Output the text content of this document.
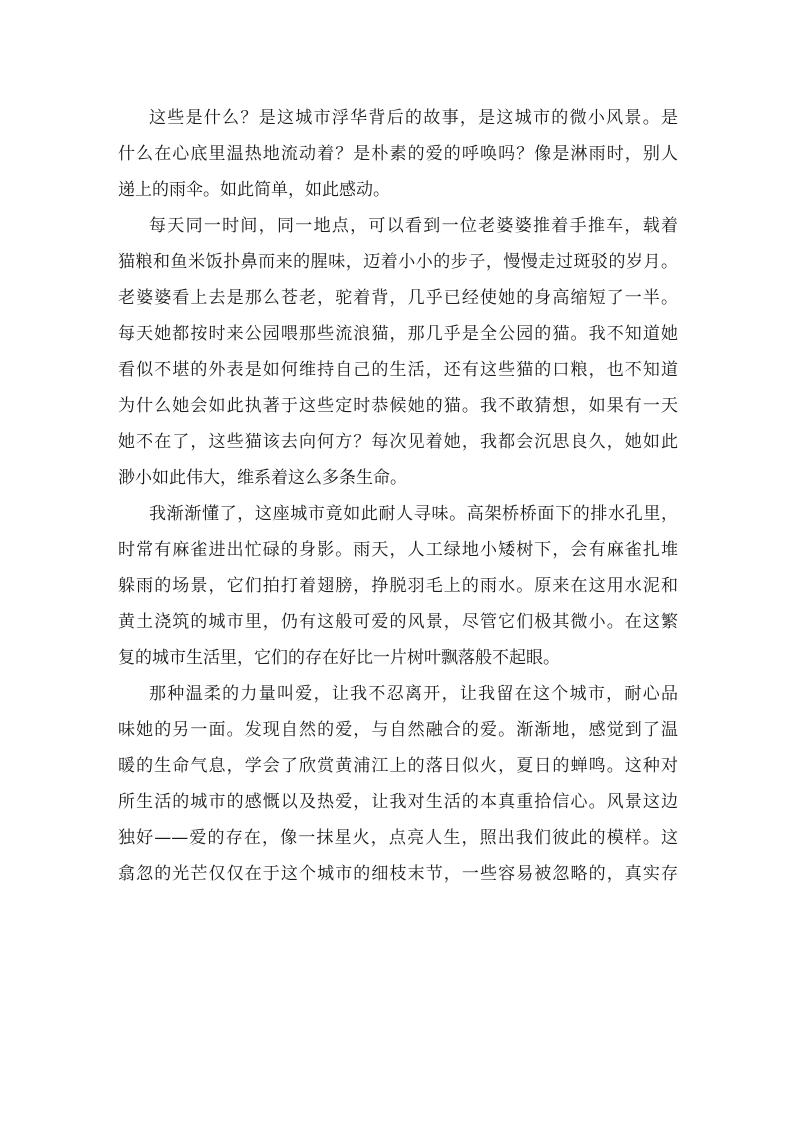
这些是什么？是这城市浮华背后的故事，是这城市的微小风景。是
什么在心底里温热地流动着？是朴素的爱的呼唤吗？像是淋雨时，别人
递上的雨伞。如此简单，如此感动。
每天同一时间，同一地点，可以看到一位老婆婆推着手推车，载着
猫粮和鱼米饭扑鼻而来的腥味，迈着小小的步子，慢慢走过斑驳的岁月。
老婆婆看上去是那么苍老，驼着背，几乎已经使她的身高缩短了一半。
每天她都按时来公园喂那些流浪猫，那几乎是全公园的猫。我不知道她
看似不堪的外表是如何维持自己的生活，还有这些猫的口粮，也不知道
为什么她会如此执著于这些定时恭候她的猫。我不敢猜想，如果有一天
她不在了，这些猫该去向何方？每次见着她，我都会沉思良久，她如此
渺小如此伟大，维系着这么多条生命。
我渐渐懂了，这座城市竟如此耐人寻味。高架桥桥面下的排水孔里，
时常有麻雀进出忙碌的身影。雨天，人工绿地小矮树下，会有麻雀扎堆
躲雨的场景，它们拍打着翅膀，挣脱羽毛上的雨水。原来在这用水泥和
黄土浇筑的城市里，仍有这般可爱的风景，尽管它们极其微小。在这繁
复的城市生活里，它们的存在好比一片树叶飘落般不起眼。
那种温柔的力量叫爱，让我不忍离开，让我留在这个城市，耐心品
味她的另一面。发现自然的爱，与自然融合的爱。渐渐地，感觉到了温
暖的生命气息，学会了欣赏黄浦江上的落日似火，夏日的蝉鸣。这种对
所生活的城市的感慨以及热爱，让我对生活的本真重拾信心。风景这边
独好——爱的存在，像一抹星火，点亮人生，照出我们彼此的模样。这
翕忽的光芒仅仅在于这个城市的细枝末节，一些容易被忽略的，真实存
